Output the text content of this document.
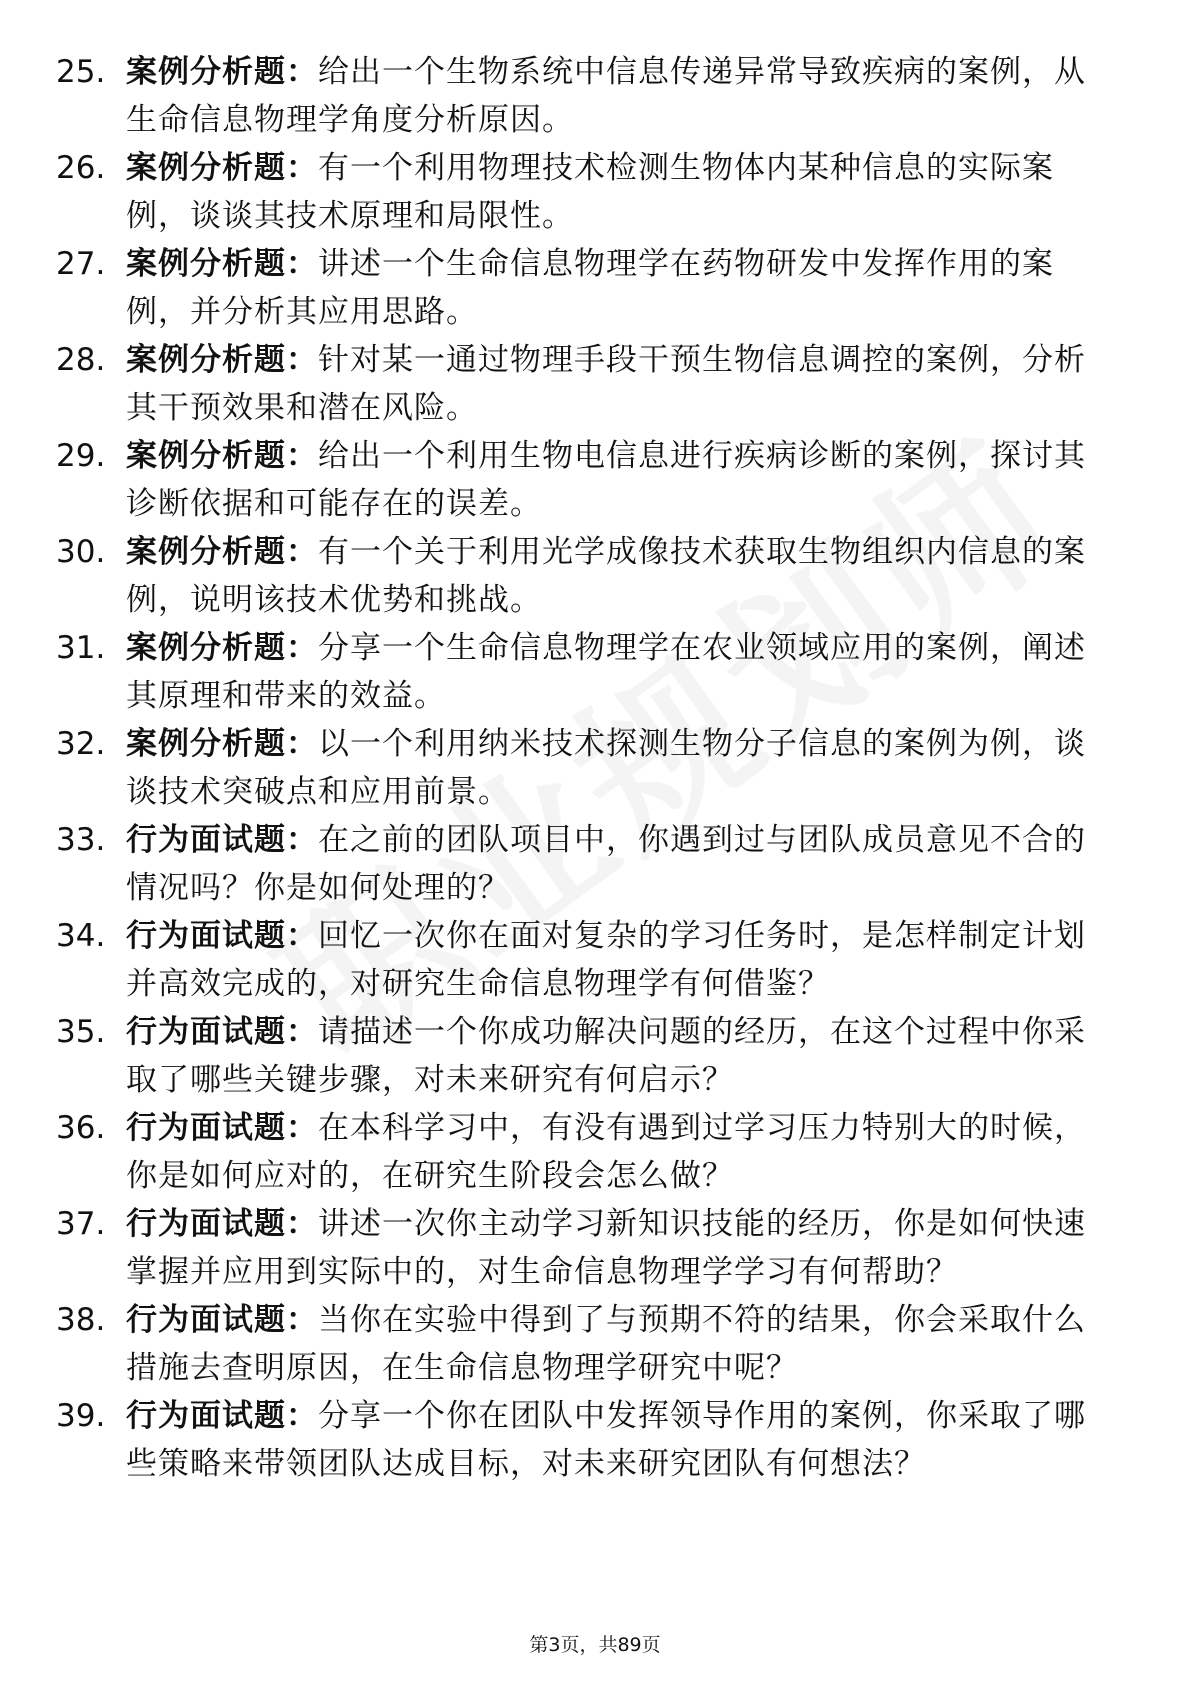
25. 案例分析题：给出一个生物系统中信息传递异常导致疾病的案例，从生命信息物理学角度分析原因。
26. 案例分析题：有一个利用物理技术检测生物体内某种信息的实际案例，谈谈其技术原理和局限性。
27. 案例分析题：讲述一个生命信息物理学在药物研发中发挥作用的案例，并分析其应用思路。
28. 案例分析题：针对某一通过物理手段干预生物信息调控的案例，分析其干预效果和潜在风险。
29. 案例分析题：给出一个利用生物电信息进行疾病诊断的案例，探讨其诊断依据和可能存在的误差。
30. 案例分析题：有一个关于利用光学成像技术获取生物组织内信息的案例，说明该技术优势和挑战。
31. 案例分析题：分享一个生命信息物理学在农业领域应用的案例，阐述其原理和带来的效益。
32. 案例分析题：以一个利用纳米技术探测生物分子信息的案例为例，谈谈技术突破点和应用前景。
33. 行为面试题：在之前的团队项目中，你遇到过与团队成员意见不合的情况吗？你是如何处理的？
34. 行为面试题：回忆一次你在面对复杂的学习任务时，是怎样制定计划并高效完成的，对研究生命信息物理学有何借鉴？
35. 行为面试题：请描述一个你成功解决问题的经历，在这个过程中你采取了哪些关键步骤，对未来研究有何启示？
36. 行为面试题：在本科学习中，有没有遇到过学习压力特别大的时候，你是如何应对的，在研究生阶段会怎么做？
37. 行为面试题：讲述一次你主动学习新知识技能的经历，你是如何快速掌握并应用到实际中的，对生命信息物理学学习有何帮助？
38. 行为面试题：当你在实验中得到了与预期不符的结果，你会采取什么措施去查明原因，在生命信息物理学研究中呢？
39. 行为面试题：分享一个你在团队中发挥领导作用的案例，你采取了哪些策略来带领团队达成目标，对未来研究团队有何想法？
第3页，共89页
